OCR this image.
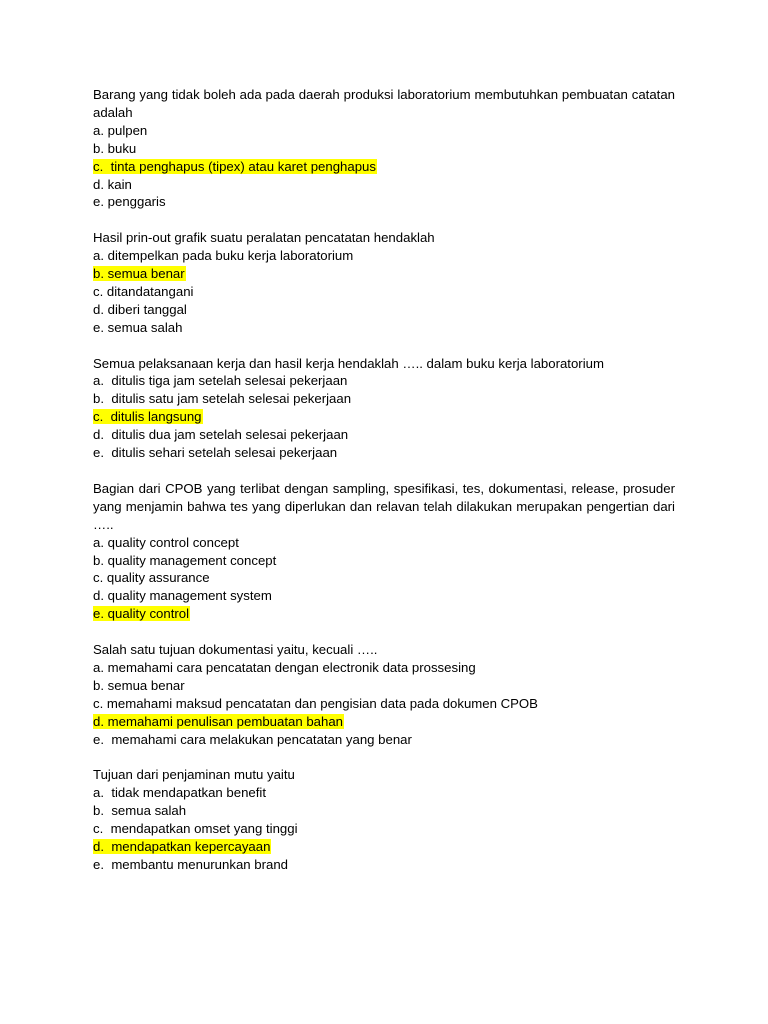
Barang yang tidak boleh ada pada daerah produksi laboratorium membutuhkan pembuatan catatan adalah

a. pulpen

b. buku

c.  tinta penghapus (tipex) atau karet penghapus

d. kain

e. penggaris

Hasil prin-out grafik suatu peralatan pencatatan hendaklah

a. ditempelkan pada buku kerja laboratorium

b. semua benar

c. ditandatangani

d. diberi tanggal

e. semua salah

Semua pelaksanaan kerja dan hasil kerja hendaklah ….. dalam buku kerja laboratorium

a.  ditulis tiga jam setelah selesai pekerjaan

b.  ditulis satu jam setelah selesai pekerjaan

c.  ditulis langsung

d.  ditulis dua jam setelah selesai pekerjaan

e.  ditulis sehari setelah selesai pekerjaan

Bagian dari CPOB yang terlibat dengan sampling, spesifikasi, tes, dokumentasi, release, prosuder yang menjamin bahwa tes yang diperlukan dan relavan telah dilakukan merupakan pengertian dari …..

a. quality control concept

b. quality management concept

c. quality assurance

d. quality management system

e. quality control

Salah satu tujuan dokumentasi yaitu, kecuali …..

a. memahami cara pencatatan dengan electronik data prossesing

b. semua benar

c. memahami maksud pencatatan dan pengisian data pada dokumen CPOB

d. memahami penulisan pembuatan bahan

e.  memahami cara melakukan pencatatan yang benar

Tujuan dari penjaminan mutu yaitu

a.  tidak mendapatkan benefit

b.  semua salah

c.  mendapatkan omset yang tinggi

d.  mendapatkan kepercayaan

e.  membantu menurunkan brand
